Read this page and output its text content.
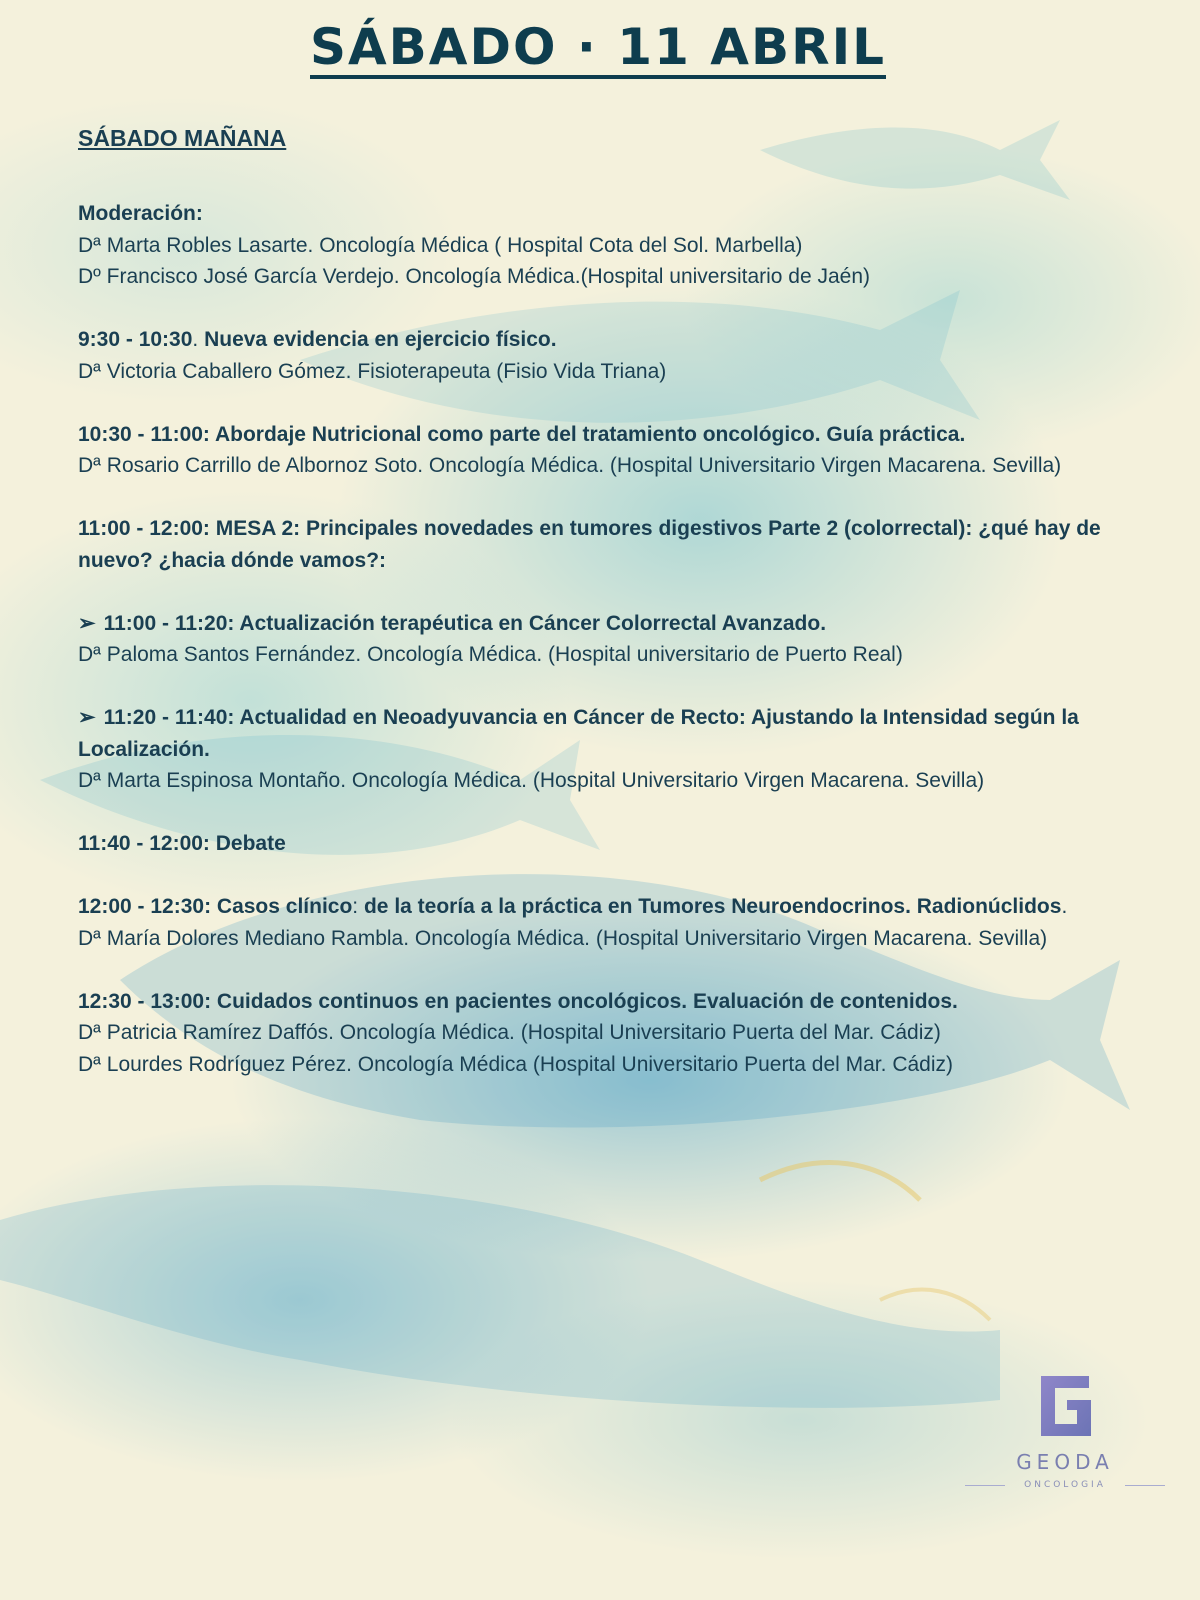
SÁBADO · 11 ABRIL
SÁBADO MAÑANA

Moderación:

Dª Marta Robles Lasarte. Oncología Médica ( Hospital Cota del Sol. Marbella)

Dº Francisco José García Verdejo. Oncología Médica.(Hospital universitario de Jaén)

9:30 - 10:30. Nueva evidencia en ejercicio físico.

Dª Victoria Caballero Gómez. Fisioterapeuta (Fisio Vida Triana)

10:30 - 11:00: Abordaje Nutricional como parte del tratamiento oncológico. Guía práctica.

Dª Rosario Carrillo de Albornoz Soto. Oncología Médica. (Hospital Universitario Virgen Macarena. Sevilla)

11:00 - 12:00: MESA 2: Principales novedades en tumores digestivos Parte 2 (colorrectal): ¿qué hay de nuevo? ¿hacia dónde vamos?:

➢ 11:00 - 11:20: Actualización terapéutica en Cáncer Colorrectal Avanzado.

Dª Paloma Santos Fernández. Oncología Médica. (Hospital universitario de Puerto Real)

➢ 11:20 - 11:40: Actualidad en Neoadyuvancia en Cáncer de Recto: Ajustando la Intensidad según la Localización.

Dª Marta Espinosa Montaño. Oncología Médica. (Hospital Universitario Virgen Macarena. Sevilla)

11:40 - 12:00: Debate

12:00 - 12:30: Casos clínico: de la teoría a la práctica en Tumores Neuroendocrinos. Radionúclidos.

Dª María Dolores Mediano Rambla. Oncología Médica. (Hospital Universitario Virgen Macarena. Sevilla)

12:30 - 13:00: Cuidados continuos en pacientes oncológicos. Evaluación de contenidos.

Dª Patricia Ramírez Daffós. Oncología Médica. (Hospital Universitario Puerta del Mar. Cádiz)

Dª Lourdes Rodríguez Pérez. Oncología Médica (Hospital Universitario Puerta del Mar. Cádiz)

GEODA
ONCOLOGIA
